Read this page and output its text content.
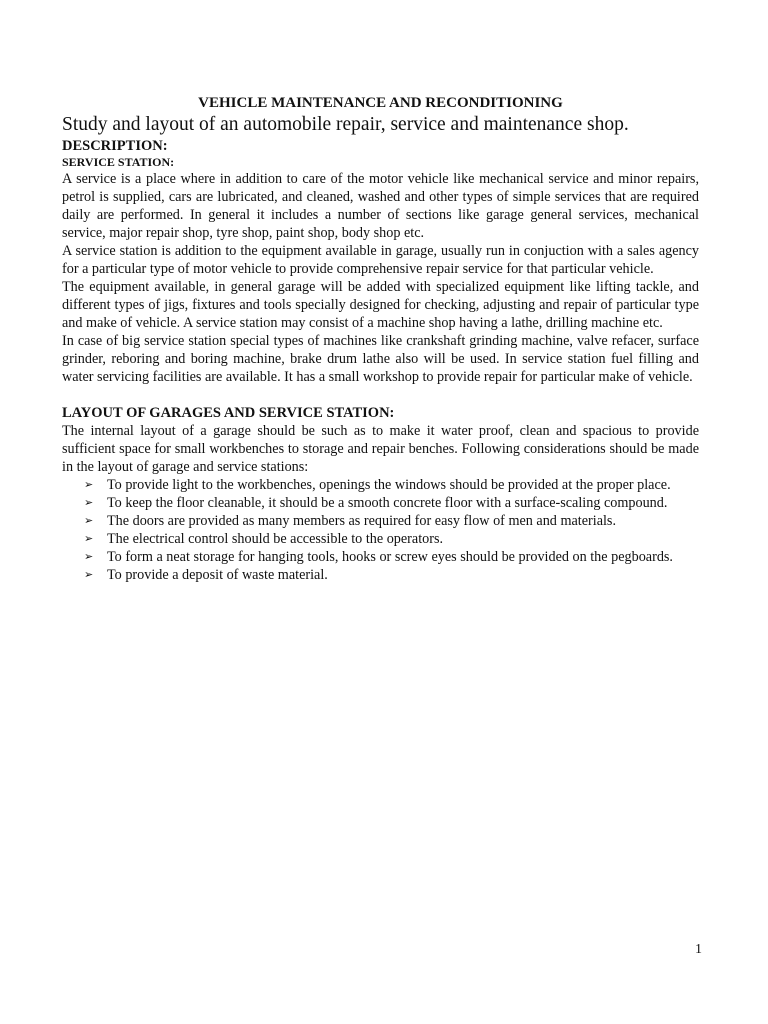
VEHICLE MAINTENANCE AND RECONDITIONING
Study and layout of an automobile repair, service and maintenance shop.
DESCRIPTION:
SERVICE STATION:

A service is a place where in addition to care of the motor vehicle like mechanical service and minor repairs, petrol is supplied, cars are lubricated, and cleaned, washed and other types of simple services that are required daily are performed. In general it includes a number of sections like garage general services, mechanical service, major repair shop, tyre shop, paint shop, body shop etc.

A service station is addition to the equipment available in garage, usually run in conjuction with a sales agency for a particular type of motor vehicle to provide comprehensive repair service for that particular vehicle.

The equipment available, in general garage will be added with specialized equipment like lifting tackle, and different types of jigs, fixtures and tools specially designed for checking, adjusting and repair of particular type and make of vehicle. A service station may consist of a machine shop having a lathe, drilling machine etc.

In case of big service station special types of machines like crankshaft grinding machine, valve refacer, surface grinder, reboring and boring machine, brake drum lathe also will be used. In service station fuel filling and water servicing facilities are available. It has a small workshop to provide repair for particular make of vehicle.

LAYOUT OF GARAGES AND SERVICE STATION:

The internal layout of a garage should be such as to make it water proof, clean and spacious to provide sufficient space for small workbenches to storage and repair benches. Following considerations should be made in the layout of garage and service stations:

➢ To provide light to the workbenches, openings the windows should be provided at the proper place.
➢ To keep the floor cleanable, it should be a smooth concrete floor with a surface-scaling compound.
➢ The doors are provided as many members as required for easy flow of men and materials.
➢ The electrical control should be accessible to the operators.
➢ To form a neat storage for hanging tools, hooks or screw eyes should be provided on the pegboards.
➢ To provide a deposit of waste material.
1
